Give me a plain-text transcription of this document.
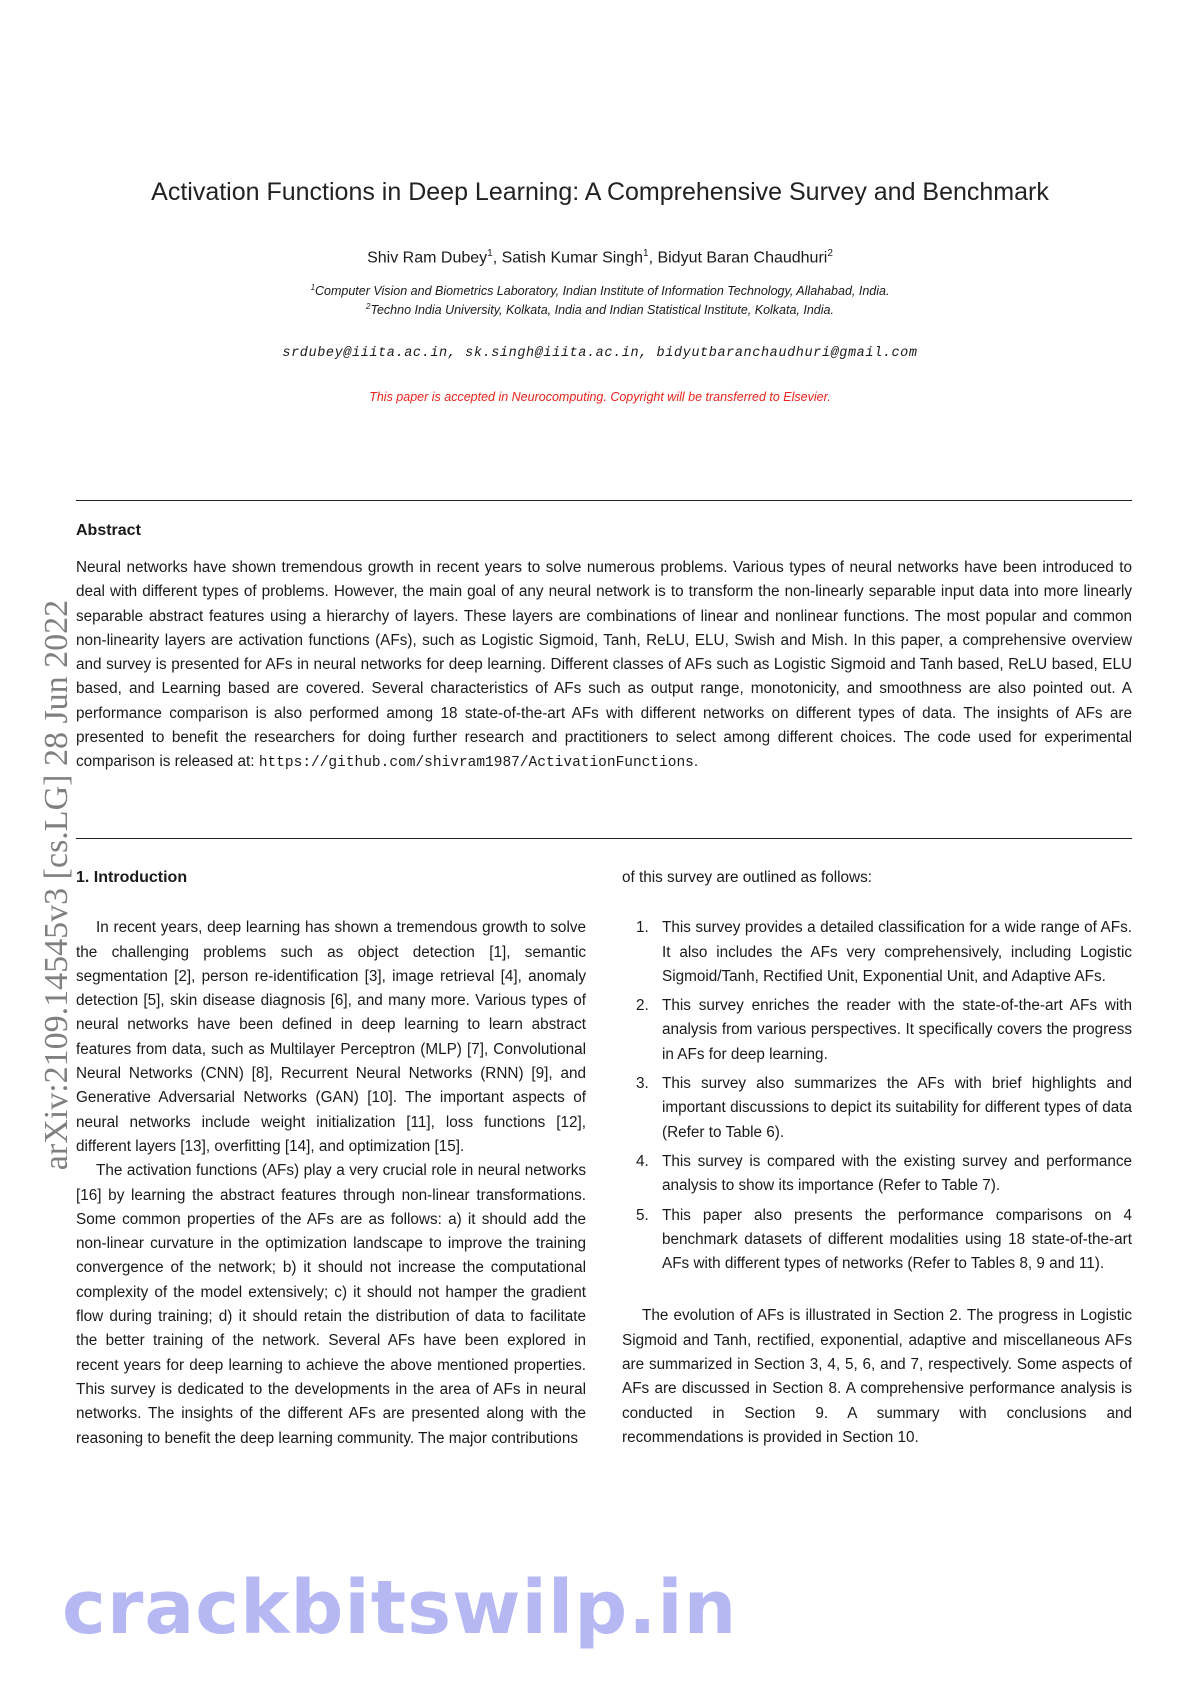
Activation Functions in Deep Learning: A Comprehensive Survey and Benchmark
Shiv Ram Dubey$^1$, Satish Kumar Singh$^1$, Bidyut Baran Chaudhuri$^2$
$^1$Computer Vision and Biometrics Laboratory, Indian Institute of Information Technology, Allahabad, India.
$^2$Techno India University, Kolkata, India and Indian Statistical Institute, Kolkata, India.
srdubey@iiita.ac.in, sk.singh@iiita.ac.in, bidyutbaranchaudhuri@gmail.com
This paper is accepted in Neurocomputing. Copyright will be transferred to Elsevier.
Abstract
Neural networks have shown tremendous growth in recent years to solve numerous problems. Various types of neural networks have been introduced to deal with different types of problems. However, the main goal of any neural network is to transform the non-linearly separable input data into more linearly separable abstract features using a hierarchy of layers. These layers are combinations of linear and nonlinear functions. The most popular and common non-linearity layers are activation functions (AFs), such as Logistic Sigmoid, Tanh, ReLU, ELU, Swish and Mish. In this paper, a comprehensive overview and survey is presented for AFs in neural networks for deep learning. Different classes of AFs such as Logistic Sigmoid and Tanh based, ReLU based, ELU based, and Learning based are covered. Several characteristics of AFs such as output range, monotonicity, and smoothness are also pointed out. A performance comparison is also performed among 18 state-of-the-art AFs with different networks on different types of data. The insights of AFs are presented to benefit the researchers for doing further research and practitioners to select among different choices. The code used for experimental comparison is released at: https://github.com/shivram1987/ActivationFunctions.
arXiv:2109.14545v3 [cs.LG] 28 Jun 2022 1. Introduction

In recent years, deep learning has shown a tremendous growth to solve the challenging problems such as object detection [1], semantic segmentation [2], person re-identification [3], image retrieval [4], anomaly detection [5], skin disease diagnosis [6], and many more. Various types of neural networks have been defined in deep learning to learn abstract features from data, such as Multilayer Perceptron (MLP) [7], Convolutional Neural Networks (CNN) [8], Recurrent Neural Networks (RNN) [9], and Generative Adversarial Networks (GAN) [10]. The important aspects of neural networks include weight initialization [11], loss functions [12], different layers [13], overfitting [14], and optimization [15].

The activation functions (AFs) play a very crucial role in neural networks [16] by learning the abstract features through non-linear transformations. Some common properties of the AFs are as follows: a) it should add the non-linear curvature in the optimization landscape to improve the training convergence of the network; b) it should not increase the computational complexity of the model extensively; c) it should not hamper the gradient flow during training; d) it should retain the distribution of data to facilitate the better training of the network. Several AFs have been explored in recent years for deep learning to achieve the above mentioned properties. This survey is dedicated to the developments in the area of AFs in neural networks. The insights of the different AFs are presented along with the reasoning to benefit the deep learning community. The major contributions

of this survey are outlined as follows:

1. This survey provides a detailed classification for a wide range of AFs. It also includes the AFs very comprehensively, including Logistic Sigmoid/Tanh, Rectified Unit, Exponential Unit, and Adaptive AFs.
2. This survey enriches the reader with the state-of-the-art AFs with analysis from various perspectives. It specifically covers the progress in AFs for deep learning.
3. This survey also summarizes the AFs with brief highlights and important discussions to depict its suitability for different types of data (Refer to Table 6).
4. This survey is compared with the existing survey and performance analysis to show its importance (Refer to Table 7).
5. This paper also presents the performance comparisons on 4 benchmark datasets of different modalities using 18 state-of-the-art AFs with different types of networks (Refer to Tables 8, 9 and 11).

The evolution of AFs is illustrated in Section 2. The progress in Logistic Sigmoid and Tanh, rectified, exponential, adaptive and miscellaneous AFs are summarized in Section 3, 4, 5, 6, and 7, respectively. Some aspects of AFs are discussed in Section 8. A comprehensive performance analysis is conducted in Section 9. A summary with conclusions and recommendations is provided in Section 10.

crackbitswilp.in
